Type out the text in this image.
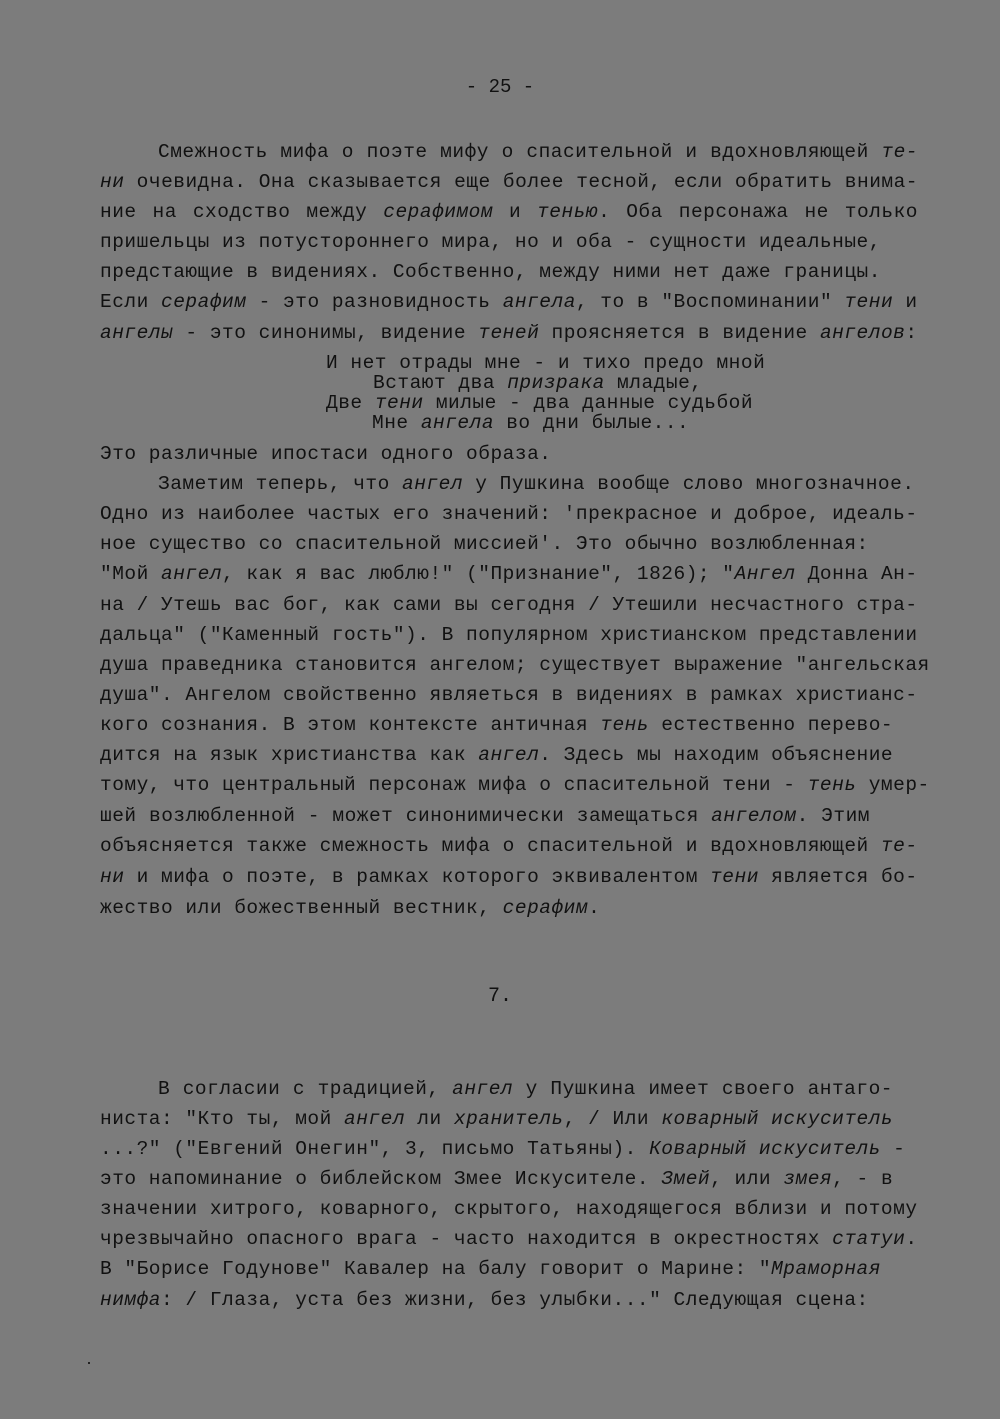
- 25 -
Смежность мифа о поэте мифу о спасительной и вдохновляющей те-
ни очевидна. Она сказывается еще более тесной, если обратить внима-
ние на сходство между серафимом и тенью. Оба персонажа не только
пришельцы из потустороннего мира, но и оба - сущности идеальные,
предстающие в видениях. Собственно, между ними нет даже границы.
Если серафим - это разновидность ангела, то в "Воспоминании" тени и
ангелы - это синонимы, видение теней проясняется в видение ангелов:
И нет отрады мне - и тихо предо мной
Встают два призрака младые,
Две тени милые - два данные судьбой
Мне ангела во дни былые...
Это различные ипостаси одного образа.
Заметим теперь, что ангел у Пушкина вообще слово многозначное.
Одно из наиболее частых его значений: 'прекрасное и доброе, идеаль-
ное существо со спасительной миссией'. Это обычно возлюбленная:
"Мой ангел, как я вас люблю!" ("Признание", 1826); "Ангел Донна Ан-
на / Утешь вас бог, как сами вы сегодня / Утешили несчастного стра-
дальца" ("Каменный гость"). В популярном христианском представлении
душа праведника становится ангелом; существует выражение "ангельская
душа". Ангелом свойственно являеться в видениях в рамках христианс-
кого сознания. В этом контексте античная тень естественно перево-
дится на язык христианства как ангел. Здесь мы находим объяснение
тому, что центральный персонаж мифа о спасительной тени - тень умер-
шей возлюбленной - может синонимически замещаться ангелом. Этим
объясняется также смежность мифа о спасительной и вдохновляющей те-
ни и мифа о поэте, в рамках которого эквивалентом тени является бо-
жество или божественный вестник, серафим.
7.
В согласии с традицией, ангел у Пушкина имеет своего антаго-
ниста: "Кто ты, мой ангел ли хранитель, / Или коварный искуситель
...?" ("Евгений Онегин", 3, письмо Татьяны). Коварный искуситель -
это напоминание о библейском Змее Искусителе. Змей, или змея, - в
значении хитрого, коварного, скрытого, находящегося вблизи и потому
чрезвычайно опасного врага - часто находится в окрестностях статуи.
В "Борисе Годунове" Кавалер на балу говорит о Марине: "Мраморная
нимфа: / Глаза, уста без жизни, без улыбки..." Следующая сцена:
